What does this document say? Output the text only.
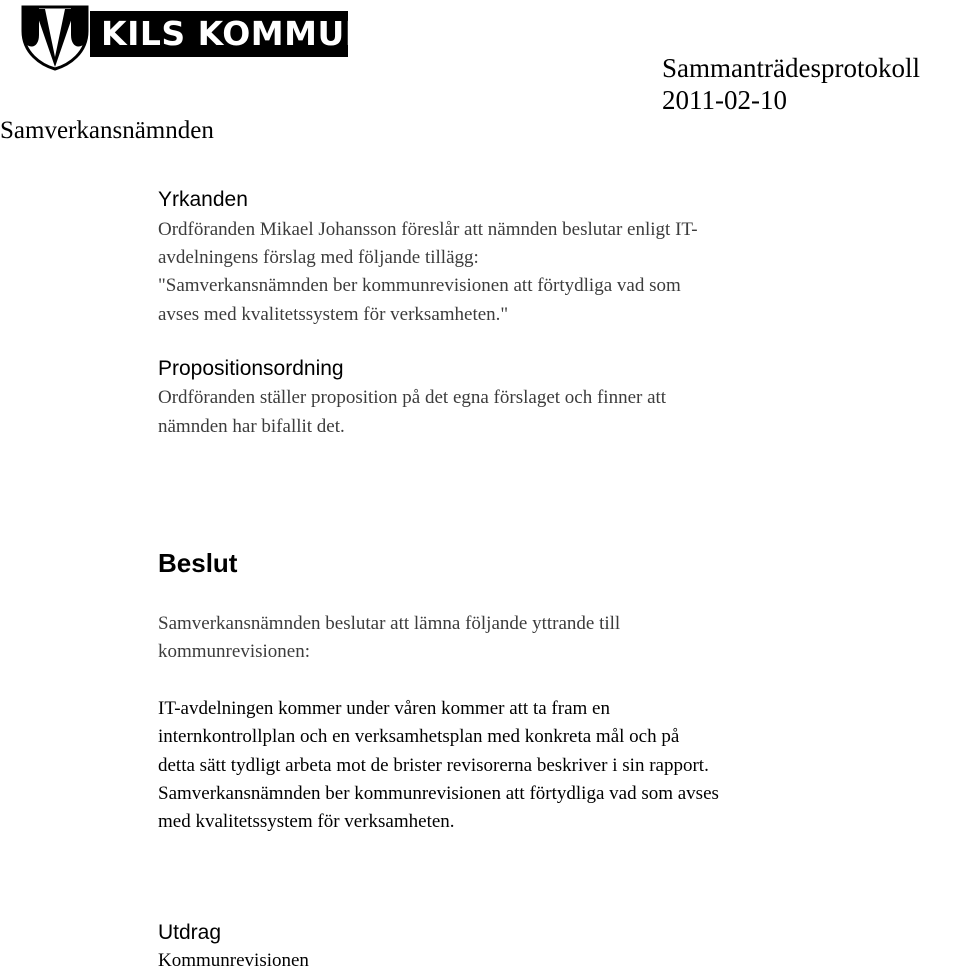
KILS KOMMUN
Sammanträdesprotokoll
2011-02-10
Samverkansnämnden
Yrkanden
Ordföranden Mikael Johansson föreslår att nämnden beslutar enligt IT-
avdelningens förslag med följande tillägg:
"Samverkansnämnden ber kommunrevisionen att förtydliga vad som
avses med kvalitetssystem för verksamheten."
Propositionsordning
Ordföranden ställer proposition på det egna förslaget och finner att
nämnden har bifallit det.
Beslut
Samverkansnämnden beslutar att lämna följande yttrande till
kommunrevisionen:
IT-avdelningen kommer under våren kommer att ta fram en
internkontrollplan och en verksamhetsplan med konkreta mål och på
detta sätt tydligt arbeta mot de brister revisorerna beskriver i sin rapport.
Samverkansnämnden ber kommunrevisionen att förtydliga vad som avses
med kvalitetssystem för verksamheten.
Utdrag
Kommunrevisionen
